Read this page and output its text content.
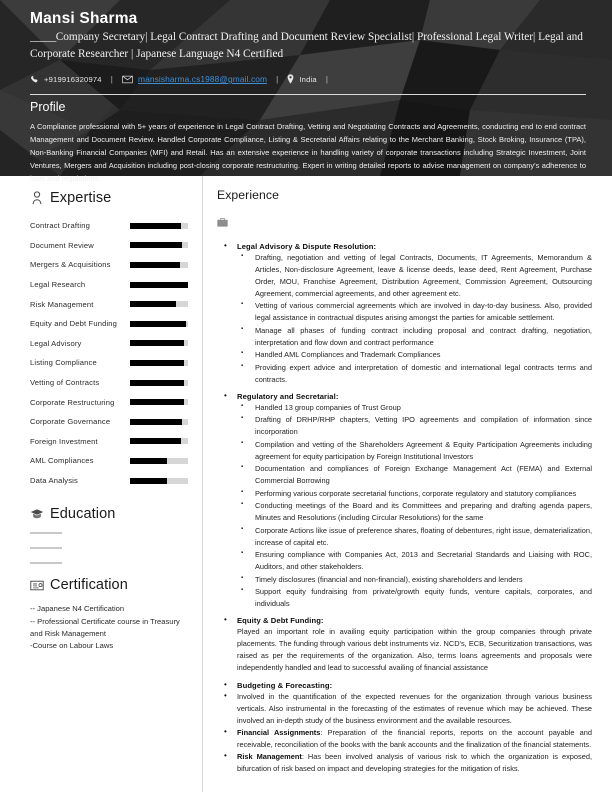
Mansi Sharma
_____Company Secretary| Legal Contract Drafting and Document Review Specialist| Professional Legal Writer| Legal and Corporate Researcher | Japanese Language N4 Certified
+919916320974 |	mansisharma.cs1988@gmail.com |	India |
Profile
A Compliance professional with 5+ years of experience in Legal Contract Drafting, Vetting and Negotiating Contracts and Agreements, conducting end to end contract Management and Document Review. Handled Corporate Compliance, Listing & Secretarial Affairs relating to the Merchant Banking, Stock Broking, Insurance (TPA), Non-Banking Financial Companies (MFI) and Retail. Has an extensive experience in handling variety of corporate transactions including Strategic Investment, Joint Ventures, Mergers and Acquisition including post-closing corporate restructuring. Expert in writing detailed reports to advise management on company's adherence to laws and regulations.
Expertise
Contract Drafting
Document Review
Mergers & Acquisitions
Legal Research
Risk Management
Equity and Debt Funding
Legal Advisory
Listing Compliance
Vetting of Contracts
Corporate Restructuring
Corporate Governance
Foreign Investment
AML Compliances
Data Analysis
Education
Certification
-- Japanese N4 Certification
-- Professional Certificate course in Treasury and Risk Management
-Course on Labour Laws
Experience
• Legal Advisory & Dispute Resolution:
▪ Drafting, negotiation and vetting of legal Contracts, Documents, IT Agreements, Memorandum & Articles, Non-disclosure Agreement, leave & license deeds, lease deed, Rent Agreement, Purchase Order, MOU, Franchise Agreement, Distribution Agreement, Commission Agreement, Outsourcing Agreement, commercial agreements, and other agreement etc.
▪ Vetting of various commercial agreements which are involved in day-to-day business. Also, provided legal assistance in contractual disputes arising amongst the parties for amicable settlement.
▪ Manage all phases of funding contract including proposal and contract drafting, negotiation, interpretation and flow down and contract performance
▪ Handled AML Compliances and Trademark Compliances
▪ Providing expert advice and interpretation of domestic and international legal contracts terms and contracts.
• Regulatory and Secretarial:
▪ Handled 13 group companies of Trust Group
▪ Drafting of DRHP/RHP chapters, Vetting IPO agreements and compilation of information since incorporation
▪ Compilation and vetting of the Shareholders Agreement & Equity Participation Agreements including agreement for equity participation by Foreign Institutional Investors
▪ Documentation and compliances of Foreign Exchange Management Act (FEMA) and External Commercial Borrowing
▪ Performing various corporate secretarial functions, corporate regulatory and statutory compliances
▪ Conducting meetings of the Board and its Committees and preparing and drafting agenda papers, Minutes and Resolutions (including Circular Resolutions) for the same
▪ Corporate Actions like issue of preference shares, floating of debentures, right issue, dematerialization, increase of capital etc.
▪ Ensuring compliance with Companies Act, 2013 and Secretarial Standards and Liaising with ROC, Auditors, and other stakeholders.
▪ Timely disclosures (financial and non-financial), existing shareholders and lenders
▪ Support equity fundraising from private/growth equity funds, venture capitals, corporates, and individuals
• Equity & Debt Funding:
Played an important role in availing equity participation within the group companies through private placements. The funding through various debt instruments viz. NCD's, ECB, Securitization transactions, was raised as per the requirements of the organization. Also, terms loans agreements and proposals were independently handled and lead to successful availing of financial assistance
• Budgeting & Forecasting:
• Involved in the quantification of the expected revenues for the organization through various business verticals. Also instrumental in the forecasting of the estimates of revenue which may be achieved. These involved an in-depth study of the business environment and the available resources.
• Financial Assignments: Preparation of the financial reports, reports on the account payable and receivable, reconciliation of the books with the bank accounts and the finalization of the financial statements.
• Risk Management: Has been involved analysis of various risk to which the organization is exposed, bifurcation of risk based on impact and developing strategies for the mitigation of risks.
